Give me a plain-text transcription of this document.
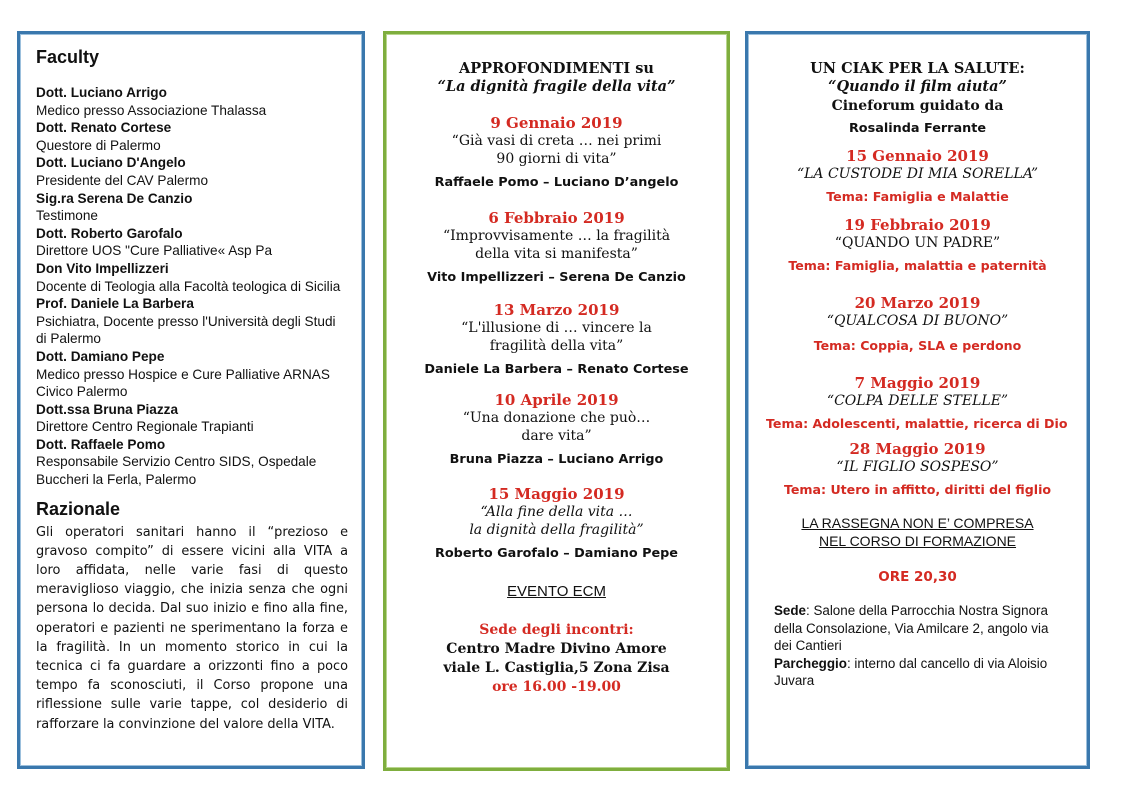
Faculty
Dott. Luciano Arrigo
Medico presso Associazione Thalassa
Dott. Renato Cortese
Questore di Palermo
Dott. Luciano D'Angelo
Presidente del CAV Palermo
Sig.ra Serena De Canzio
Testimone
Dott. Roberto Garofalo
Direttore UOS "Cure Palliative« Asp Pa
Don Vito Impellizzeri
Docente di Teologia alla Facoltà teologica di Sicilia
Prof. Daniele La Barbera
Psichiatra, Docente presso l'Università degli Studi di Palermo
Dott. Damiano Pepe
Medico presso Hospice e Cure Palliative ARNAS Civico Palermo
Dott.ssa Bruna Piazza
Direttore Centro Regionale Trapianti
Dott. Raffaele Pomo
Responsabile Servizio Centro SIDS, Ospedale Buccheri la Ferla, Palermo
Razionale
Gli operatori sanitari hanno il “prezioso e gravoso compito” di essere vicini alla VITA a loro affidata, nelle varie fasi di questo meraviglioso viaggio, che inizia senza che ogni persona lo decida. Dal suo inizio e fino alla fine, operatori e pazienti ne sperimentano la forza e la fragilità. In un momento storico in cui la tecnica ci fa guardare a orizzonti fino a poco tempo fa sconosciuti, il Corso propone una riflessione sulle varie tappe, col desiderio di rafforzare la convinzione del valore della VITA.
APPROFONDIMENTI su
“La dignità fragile della vita”
9 Gennaio 2019
“Già vasi di creta … nei primi
90 giorni di vita”
Raffaele Pomo – Luciano D’angelo
6 Febbraio 2019
“Improvvisamente … la fragilità
della vita si manifesta”
Vito Impellizzeri – Serena De Canzio
13 Marzo 2019
“L'illusione di … vincere la
fragilità della vita”
Daniele La Barbera – Renato Cortese
10 Aprile 2019
“Una donazione che può…
dare vita”
Bruna Piazza – Luciano Arrigo
15 Maggio 2019
“Alla fine della vita …
la dignità della fragilità”
Roberto Garofalo – Damiano Pepe
EVENTO ECM
Sede degli incontri:
Centro Madre Divino Amore
viale L. Castiglia,5 Zona Zisa
ore 16.00 -19.00
UN CIAK PER LA SALUTE:
“Quando il film aiuta”
Cineforum guidato da
Rosalinda Ferrante
15 Gennaio 2019
“LA CUSTODE DI MIA SORELLA”
Tema: Famiglia e Malattie
19 Febbraio 2019
“QUANDO UN PADRE”
Tema: Famiglia, malattia e paternità
20 Marzo 2019
“QUALCOSA DI BUONO”
Tema: Coppia, SLA e perdono
7 Maggio 2019
“COLPA DELLE STELLE”
Tema: Adolescenti, malattie, ricerca di Dio
28 Maggio 2019
“IL FIGLIO SOSPESO”
Tema: Utero in affitto, diritti del figlio
LA RASSEGNA NON E’ COMPRESA
NEL CORSO DI FORMAZIONE
ORE 20,30
Sede: Salone della Parrocchia Nostra Signora della Consolazione, Via Amilcare 2, angolo via dei Cantieri
Parcheggio: interno dal cancello di via Aloisio Juvara
